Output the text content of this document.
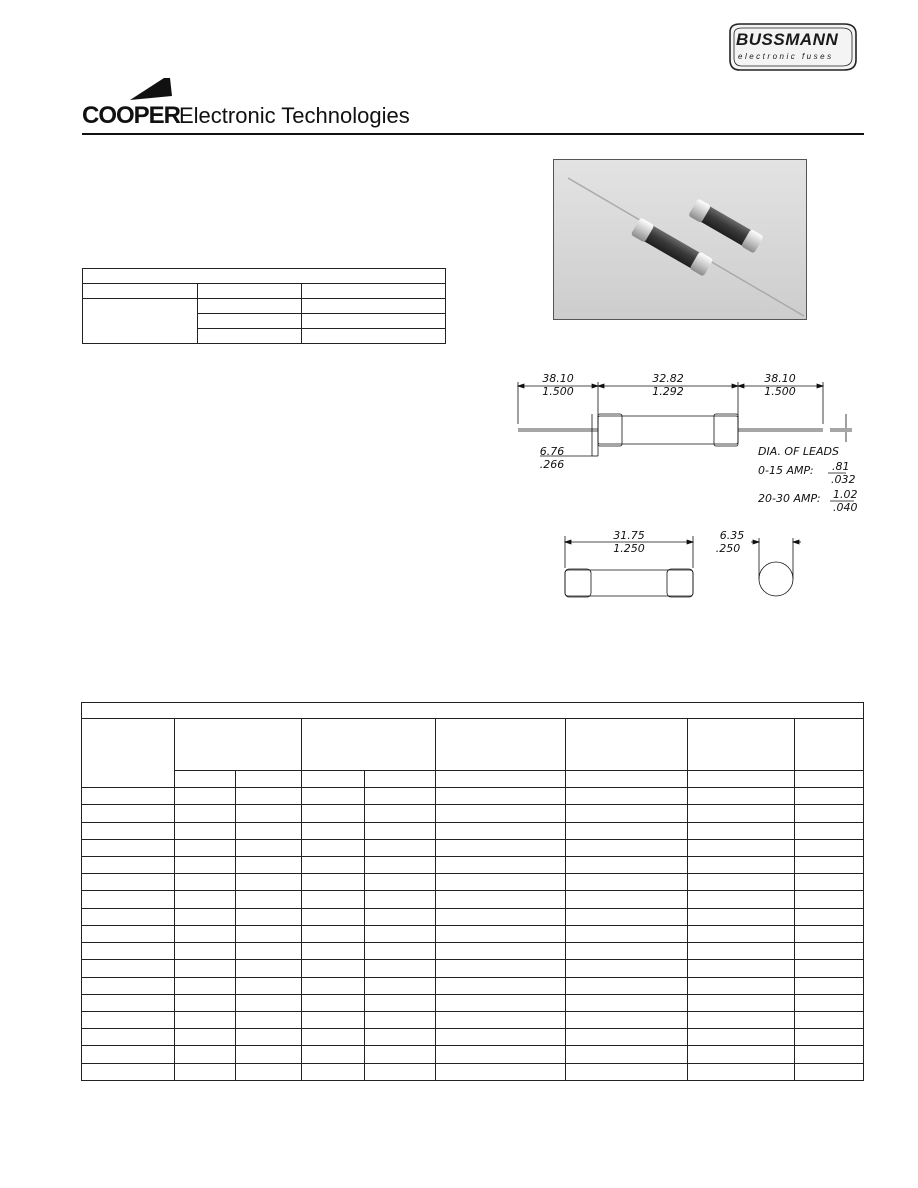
BUSSMANN
electronic fuses
COOPER
Electronic Technologies

38.10
1.500
32.82
1.292
38.10
1.500
6.76
.266
DIA. OF LEADS
0-15 AMP: .81
.032
20-30 AMP: 1.02
.040
31.75
1.250
6.35
.250
